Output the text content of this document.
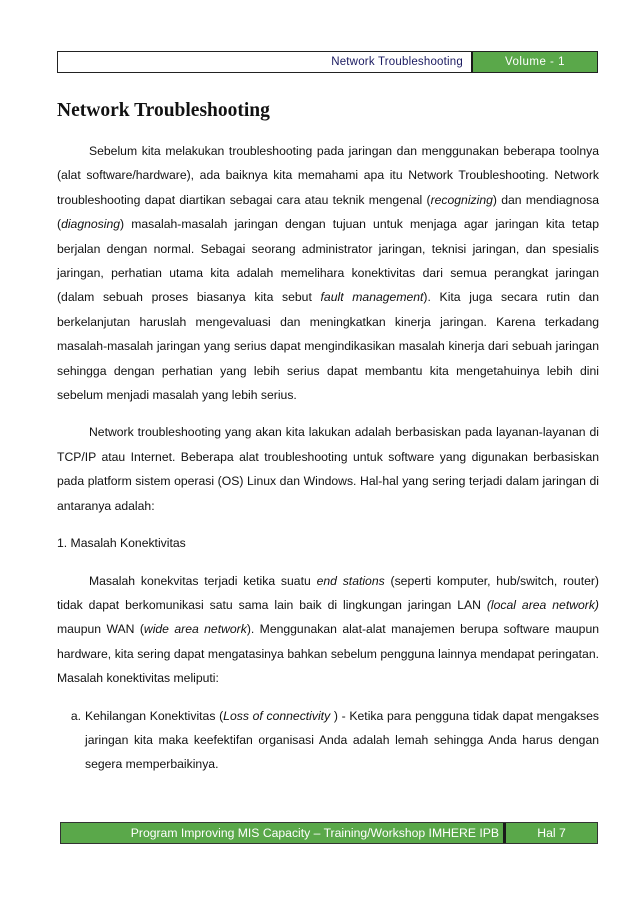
Network Troubleshooting	Volume - 1
Network Troubleshooting

Sebelum kita melakukan troubleshooting pada jaringan dan menggunakan beberapa toolnya (alat software/hardware), ada baiknya kita memahami apa itu Network Troubleshooting. Network troubleshooting dapat diartikan sebagai cara atau teknik mengenal (recognizing) dan mendiagnosa (diagnosing) masalah-masalah jaringan dengan tujuan untuk menjaga agar jaringan kita tetap berjalan dengan normal. Sebagai seorang administrator jaringan, teknisi jaringan, dan spesialis jaringan, perhatian utama kita adalah memelihara konektivitas dari semua perangkat jaringan (dalam sebuah proses biasanya kita sebut fault management). Kita juga secara rutin dan berkelanjutan haruslah mengevaluasi dan meningkatkan kinerja jaringan. Karena terkadang masalah-masalah jaringan yang serius dapat mengindikasikan masalah kinerja dari sebuah jaringan sehingga dengan perhatian yang lebih serius dapat membantu kita mengetahuinya lebih dini sebelum menjadi masalah yang lebih serius.

Network troubleshooting yang akan kita lakukan adalah berbasiskan pada layanan-layanan di TCP/IP atau Internet. Beberapa alat troubleshooting untuk software yang digunakan berbasiskan pada platform sistem operasi (OS) Linux dan Windows. Hal-hal yang sering terjadi dalam jaringan di antaranya adalah:

1. Masalah Konektivitas

Masalah konekvitas terjadi ketika suatu end stations (seperti komputer, hub/switch, router) tidak dapat berkomunikasi satu sama lain baik di lingkungan jaringan LAN (local area network) maupun WAN (wide area network). Menggunakan alat-alat manajemen berupa software maupun hardware, kita sering dapat mengatasinya bahkan sebelum pengguna lainnya mendapat peringatan. Masalah konektivitas meliputi:

a. Kehilangan Konektivitas (Loss of connectivity ) - Ketika para pengguna tidak dapat mengakses jaringan kita maka keefektifan organisasi Anda adalah lemah sehingga Anda harus dengan segera memperbaikinya.
Program Improving MIS Capacity – Training/Workshop IMHERE IPB	Hal 7
